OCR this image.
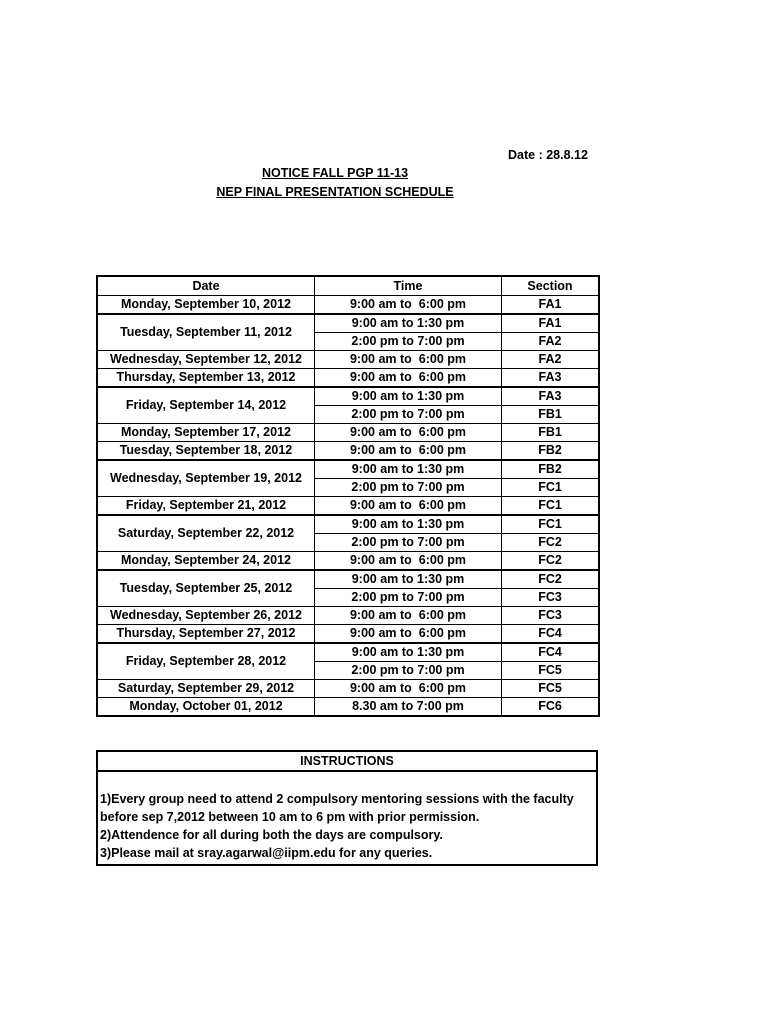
Date : 28.8.12
NOTICE FALL PGP 11-13
NEP FINAL PRESENTATION SCHEDULE
Date	Time	Section
Monday, September 10, 2012	9:00 am to  6:00 pm	FA1
Tuesday, September 11, 2012	9:00 am to 1:30 pm	FA1
	2:00 pm to 7:00 pm	FA2
Wednesday, September 12, 2012	9:00 am to  6:00 pm	FA2
Thursday, September 13, 2012	9:00 am to  6:00 pm	FA3
Friday, September 14, 2012	9:00 am to 1:30 pm	FA3
	2:00 pm to 7:00 pm	FB1
Monday, September 17, 2012	9:00 am to  6:00 pm	FB1
Tuesday, September 18, 2012	9:00 am to  6:00 pm	FB2
Wednesday, September 19, 2012	9:00 am to 1:30 pm	FB2
	2:00 pm to 7:00 pm	FC1
Friday, September 21, 2012	9:00 am to  6:00 pm	FC1
Saturday, September 22, 2012	9:00 am to 1:30 pm	FC1
	2:00 pm to 7:00 pm	FC2
Monday, September 24, 2012	9:00 am to  6:00 pm	FC2
Tuesday, September 25, 2012	9:00 am to 1:30 pm	FC2
	2:00 pm to 7:00 pm	FC3
Wednesday, September 26, 2012	9:00 am to  6:00 pm	FC3
Thursday, September 27, 2012	9:00 am to  6:00 pm	FC4
Friday, September 28, 2012	9:00 am to 1:30 pm	FC4
	2:00 pm to 7:00 pm	FC5
Saturday, September 29, 2012	9:00 am to  6:00 pm	FC5
Monday, October 01, 2012	8.30 am to 7:00 pm	FC6
INSTRUCTIONS
1)Every group need to attend 2 compulsory mentoring sessions with the faculty before sep 7,2012 between 10 am to 6 pm with prior permission.
2)Attendence for all during both the days are compulsory.
3)Please mail at sray.agarwal@iipm.edu for any queries.
